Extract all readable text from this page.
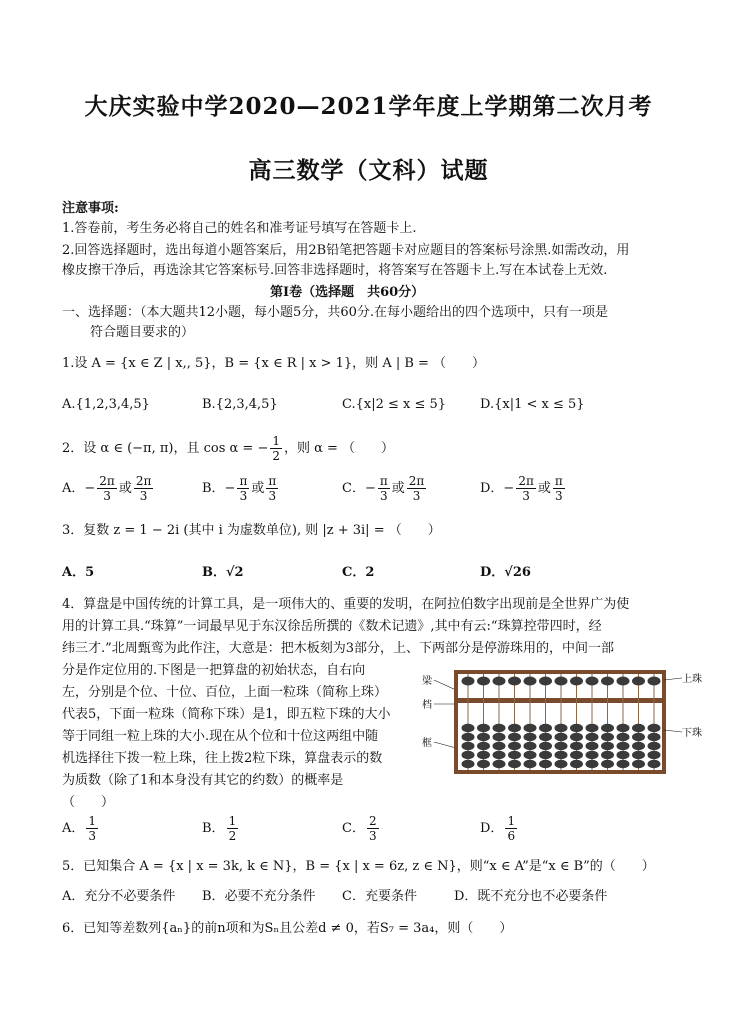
大庆实验中学2020—2021学年度上学期第二次月考
高三数学（文科）试题
注意事项:
1.答卷前，考生务必将自己的姓名和准考证号填写在答题卡上.
2.回答选择题时，选出每道小题答案后，用2B铅笔把答题卡对应题目的答案标号涂黑.如需改动，用
橡皮擦干净后，再选涂其它答案标号.回答非选择题时，将答案写在答题卡上.写在本试卷上无效.
第Ⅰ卷（选择题　共60分）
一、选择题：（本大题共12小题，每小题5分，共60分.在每小题给出的四个选项中，只有一项是
符合题目要求的）
1.设 A = {x ∈ Z | x,, 5}，B = {x ∈ R | x > 1}，则 A | B = （　　）
A.{1,2,3,4,5}	B.{2,3,4,5}	C.{x|2 ≤ x ≤ 5}	D.{x|1 < x ≤ 5}
2．设 α ∈ (−π, π)，且 cos α = − $\frac{1}{2}$ ，则 α = （　　）
A．− $\frac{2\pi}{3}$ 或 $\frac{2\pi}{3}$	B．− $\frac{\pi}{3}$ 或 $\frac{\pi}{3}$	C．− $\frac{\pi}{3}$ 或 $\frac{2\pi}{3}$	D．− $\frac{2\pi}{3}$ 或 $\frac{\pi}{3}$
3．复数 z = 1 − 2i (其中 i 为虚数单位), 则 |z + 3i| = （　　）
A．5	B．√2	C．2	D．√26
4．算盘是中国传统的计算工具，是一项伟大的、重要的发明，在阿拉伯数字出现前是全世界广为使
用的计算工具.“珠算”一词最早见于东汉徐岳所撰的《数术记遗》,其中有云:“珠算控带四时，经
纬三才.”北周甄鸾为此作注，大意是：把木板刻为3部分，上、下两部分是停游珠用的，中间一部
分是作定位用的.下图是一把算盘的初始状态，自右向
左，分别是个位、十位、百位，上面一粒珠（简称上珠）
代表5，下面一粒珠（简称下珠）是1，即五粒下珠的大小
等于同组一粒上珠的大小.现在从个位和十位这两组中随
机选择往下拨一粒上珠，往上拨2粒下珠，算盘表示的数
为质数（除了1和本身没有其它的约数）的概率是
（　　）
梁
档
框
上珠
下珠
A． $\frac{1}{3}$	B． $\frac{1}{2}$	C． $\frac{2}{3}$	D． $\frac{1}{6}$
5．已知集合 A = {x | x = 3k, k ∈ N}，B = {x | x = 6z, z ∈ N}，则“x ∈ A”是“x ∈ B”的（　　）
A．充分不必要条件 B．必要不充分条件 C．充要条件	D．既不充分也不必要条件
6．已知等差数列{aₙ}的前n项和为Sₙ且公差d ≠ 0，若S₇ = 3a₄，则（　　）
